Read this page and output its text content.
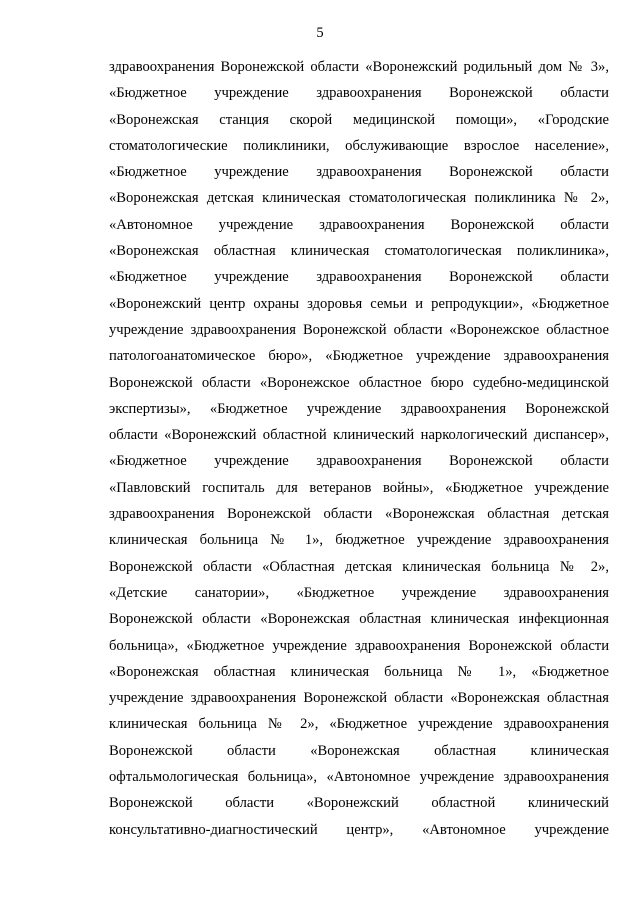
5
здравоохранения Воронежской области «Воронежский родильный дом № 3»,
«Бюджетное учреждение здравоохранения Воронежской области
«Воронежская станция скорой медицинской помощи», «Городские
стоматологические поликлиники, обслуживающие взрослое население»,
«Бюджетное учреждение здравоохранения Воронежской области
«Воронежская детская клиническая стоматологическая поликлиника № 2»,
«Автономное учреждение здравоохранения Воронежской области
«Воронежская областная клиническая стоматологическая поликлиника»,
«Бюджетное учреждение здравоохранения Воронежской области
«Воронежский центр охраны здоровья семьи и репродукции», «Бюджетное
учреждение здравоохранения Воронежской области «Воронежское областное
патологоанатомическое бюро», «Бюджетное учреждение здравоохранения
Воронежской области «Воронежское областное бюро судебно-медицинской
экспертизы», «Бюджетное учреждение здравоохранения Воронежской
области «Воронежский областной клинический наркологический диспансер»,
«Бюджетное учреждение здравоохранения Воронежской области
«Павловский госпиталь для ветеранов войны», «Бюджетное учреждение
здравоохранения Воронежской области «Воронежская областная детская
клиническая больница № 1», бюджетное учреждение здравоохранения
Воронежской области «Областная детская клиническая больница № 2»,
«Детские санатории», «Бюджетное учреждение здравоохранения
Воронежской области «Воронежская областная клиническая инфекционная
больница», «Бюджетное учреждение здравоохранения Воронежской области
«Воронежская областная клиническая больница № 1», «Бюджетное
учреждение здравоохранения Воронежской области «Воронежская областная
клиническая больница № 2», «Бюджетное учреждение здравоохранения
Воронежской области «Воронежская областная клиническая
офтальмологическая больница», «Автономное учреждение здравоохранения
Воронежской области «Воронежский областной клинический
консультативно-диагностический центр», «Автономное учреждение
